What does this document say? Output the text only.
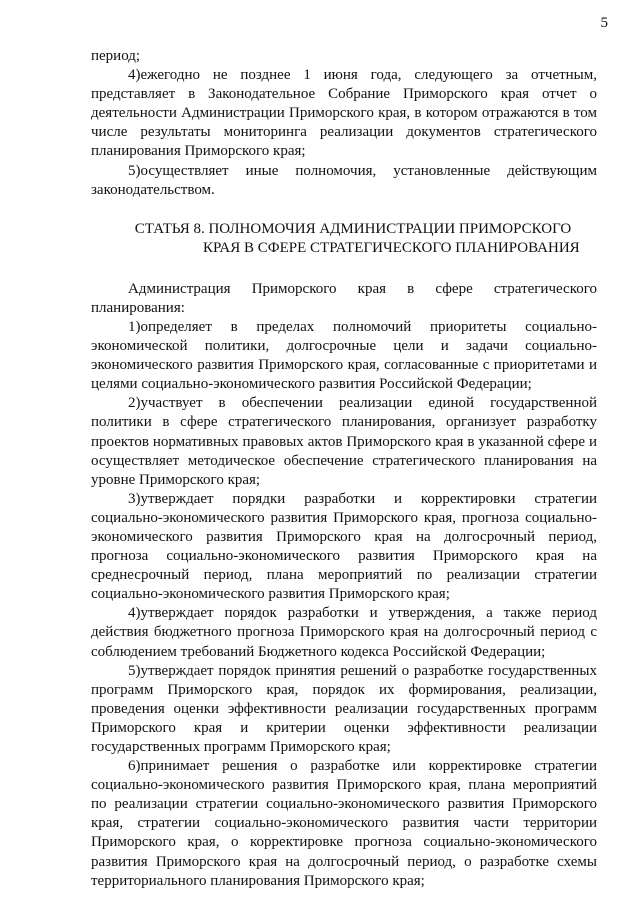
5

период;

4)ежегодно не позднее 1 июня года, следующего за отчетным, представляет в Законодательное Собрание Приморского края отчет о деятельности Администрации Приморского края, в котором отражаются в том числе результаты мониторинга реализации документов стратегического планирования Приморского края;

5)осуществляет иные полномочия, установленные действующим законодательством.

СТАТЬЯ 8. ПОЛНОМОЧИЯ АДМИНИСТРАЦИИ ПРИМОРСКОГО
КРАЯ В СФЕРЕ СТРАТЕГИЧЕСКОГО ПЛАНИРОВАНИЯ

Администрация Приморского края в сфере стратегического планирования:

1)определяет в пределах полномочий приоритеты социально-экономической политики, долгосрочные цели и задачи социально-экономического развития Приморского края, согласованные с приоритетами и целями социально-экономического развития Российской Федерации;

2)участвует в обеспечении реализации единой государственной политики в сфере стратегического планирования, организует разработку проектов нормативных правовых актов Приморского края в указанной сфере и осуществляет методическое обеспечение стратегического планирования на уровне Приморского края;

3)утверждает порядки разработки и корректировки стратегии социально-экономического развития Приморского края, прогноза социально-экономического развития Приморского края на долгосрочный период, прогноза социально-экономического развития Приморского края на среднесрочный период, плана мероприятий по реализации стратегии социально-экономического развития Приморского края;

4)утверждает порядок разработки и утверждения, а также период действия бюджетного прогноза Приморского края на долгосрочный период с соблюдением требований Бюджетного кодекса Российской Федерации;

5)утверждает порядок принятия решений о разработке государственных программ Приморского края, порядок их формирования, реализации, проведения оценки эффективности реализации государственных программ Приморского края и критерии оценки эффективности реализации государственных программ Приморского края;

6)принимает решения о разработке или корректировке стратегии социально-экономического развития Приморского края, плана мероприятий по реализации стратегии социально-экономического развития Приморского края, стратегии социально-экономического развития части территории Приморского края, о корректировке прогноза социально-экономического развития Приморского края на долгосрочный период, о разработке схемы территориального планирования Приморского края;
